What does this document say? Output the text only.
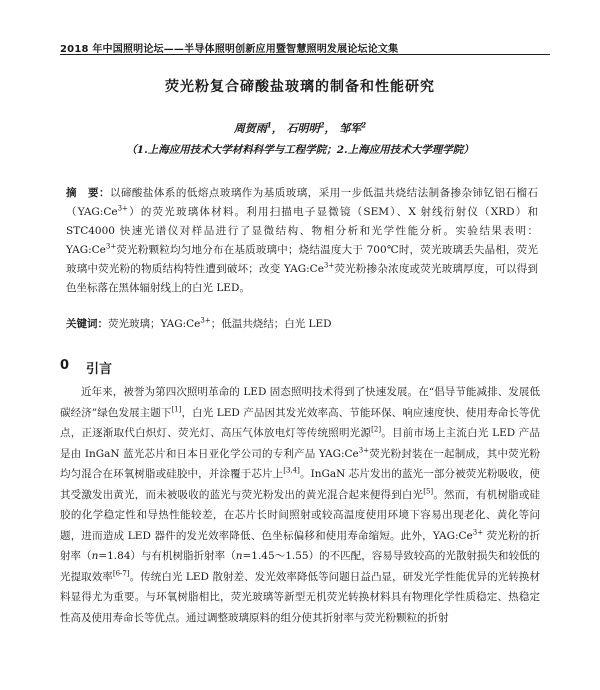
2018 年中国照明论坛——半导体照明创新应用暨智慧照明发展论坛论文集
荧光粉复合碲酸盐玻璃的制备和性能研究
周贺雨$^1$， 石明明$^2$， 邹军$^2$
（1.上海应用技术大学材料科学与工程学院；2.上海应用技术大学理学院）
摘　要：以碲酸盐体系的低熔点玻璃作为基质玻璃，采用一步低温共烧结法制备掺杂铈钇铝石榴石$(YAG:Ce^{3+})$的荧光玻璃体材料。利用扫描电子显微镜（SEM）、X 射线衍射仪（XRD）和 STC4000 快速光谱仪对样品进行了显微结构、物相分析和光学性能分析。实验结果表明：$YAG:Ce^{3+}$荧光粉颗粒均匀地分布在基质玻璃中；烧结温度大于 700℃时，荧光玻璃丢失晶相，荧光玻璃中荧光粉的物质结构特性遭到破坏；改变 $YAG:Ce^{3+}$荧光粉掺杂浓度或荧光玻璃厚度，可以得到色坐标落在黑体辐射线上的白光 LED。
关键词：荧光玻璃；$YAG:Ce^{3+}$；低温共烧结；白光 LED
0 引言
近年来，被誉为第四次照明革命的 LED 固态照明技术得到了快速发展。在“倡导节能减排、发展低碳经济”绿色发展主题下[1]，白光 LED 产品因其发光效率高、节能环保、响应速度快、使用寿命长等优点，正逐渐取代白炽灯、荧光灯、高压气体放电灯等传统照明光源[2]。目前市场上主流白光 LED 产品是由 InGaN 蓝光芯片和日本日亚化学公司的专利产品 $YAG:Ce^{3+}$荧光粉封装在一起制成，其中荧光粉均匀混合在环氧树脂或硅胶中，并涂覆于芯片上[3,4]。InGaN 芯片发出的蓝光一部分被荧光粉吸收，使其受激发出黄光，而未被吸收的蓝光与荧光粉发出的黄光混合起来便得到白光[5]。然而，有机树脂或硅胶的化学稳定性和导热性能较差，在芯片长时间照射或较高温度使用环境下容易出现老化、黄化等问题，进而造成 LED 器件的发光效率降低、色坐标偏移和使用寿命缩短。此外，$YAG:Ce^{3+}$ 荧光粉的折射率（n=1.84）与有机树脂折射率（n=1.45～1.55）的不匹配，容易导致较高的光散射损失和较低的光提取效率[6-7]。传统白光 LED 散射差、发光效率降低等问题日益凸显，研发光学性能优异的光转换材料显得尤为重要。与环氧树脂相比，荧光玻璃等新型无机荧光转换材料具有物理化学性质稳定、热稳定性高及使用寿命长等优点。通过调整玻璃原料的组分使其折射率与荧光粉颗粒的折射
